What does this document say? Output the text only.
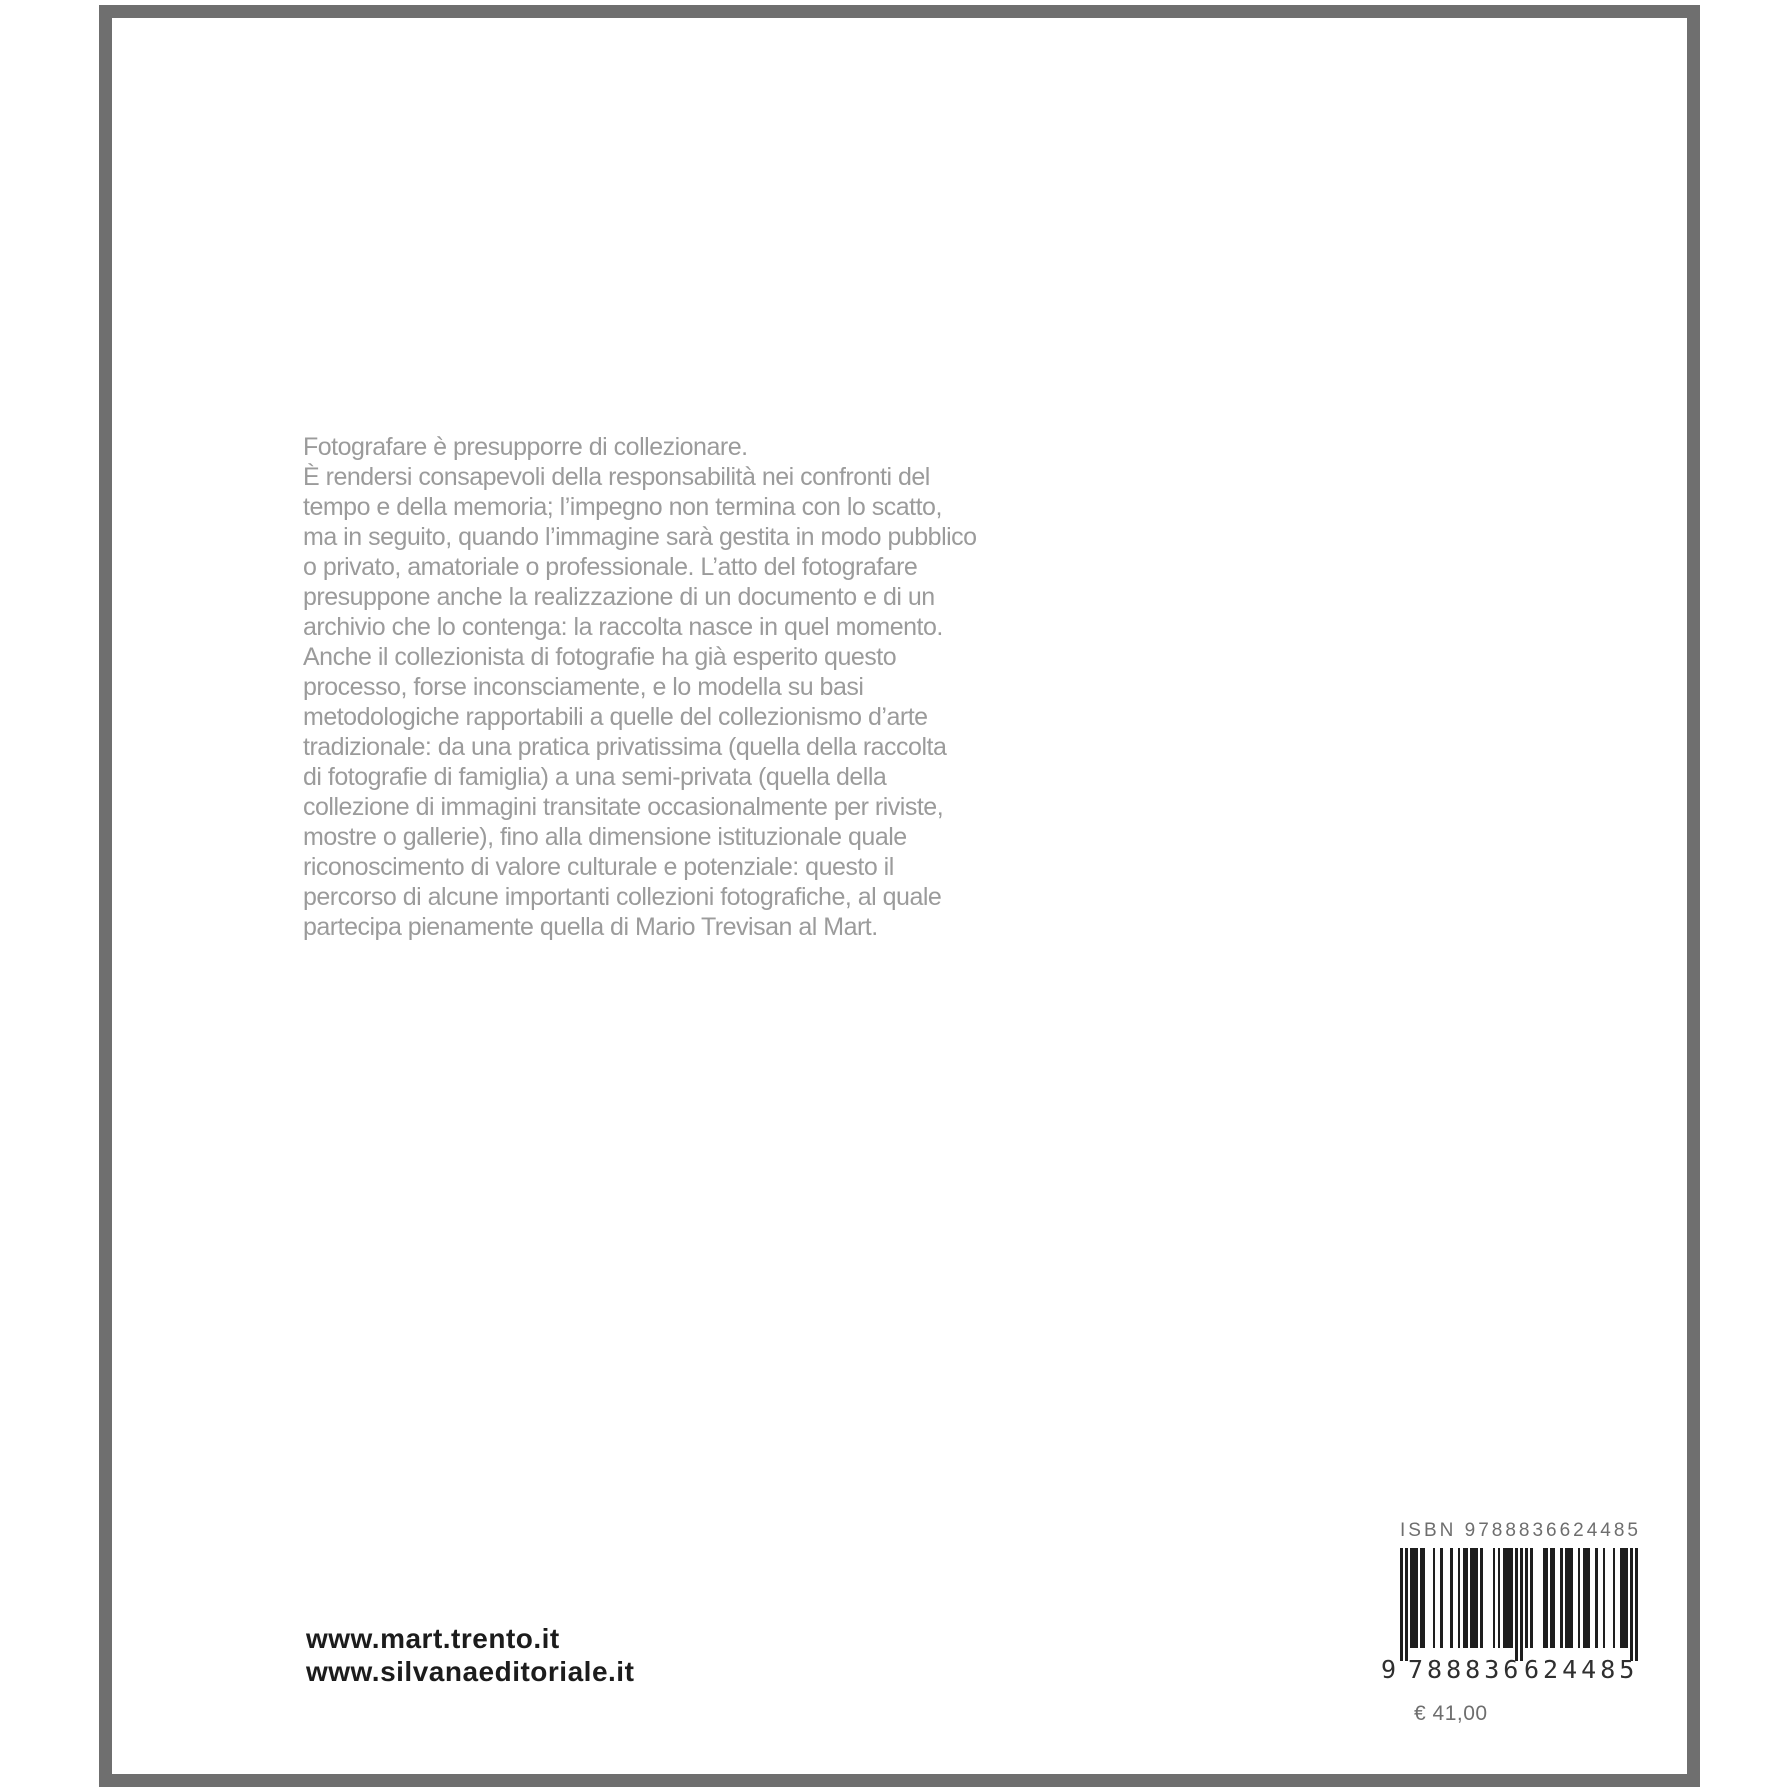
Fotografare è presupporre di collezionare.
È rendersi consapevoli della responsabilità nei confronti del
tempo e della memoria; l’impegno non termina con lo scatto,
ma in seguito, quando l’immagine sarà gestita in modo pubblico
o privato, amatoriale o professionale. L’atto del fotografare
presuppone anche la realizzazione di un documento e di un
archivio che lo contenga: la raccolta nasce in quel momento.
Anche il collezionista di fotografie ha già esperito questo
processo, forse inconsciamente, e lo modella su basi
metodologiche rapportabili a quelle del collezionismo d’arte
tradizionale: da una pratica privatissima (quella della raccolta
di fotografie di famiglia) a una semi-privata (quella della
collezione di immagini transitate occasionalmente per riviste,
mostre o gallerie), fino alla dimensione istituzionale quale
riconoscimento di valore culturale e potenziale: questo il
percorso di alcune importanti collezioni fotografiche, al quale
partecipa pienamente quella di Mario Trevisan al Mart.
www.mart.trento.it
www.silvanaeditoriale.it
ISBN 9788836624485
9 788836 624485
€ 41,00
